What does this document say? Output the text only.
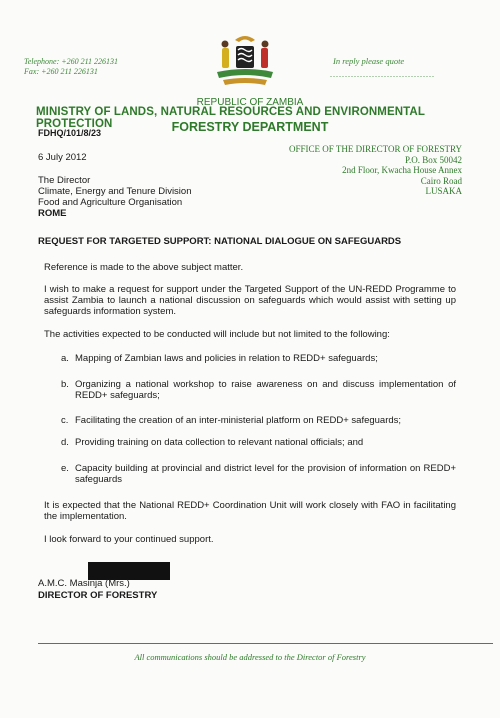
Telephone: +260 211 226131
Fax: +260 211 226131
In reply please quote
...................................
REPUBLIC OF ZAMBIA
MINISTRY OF LANDS, NATURAL RESOURCES AND ENVIRONMENTAL PROTECTION	FORESTRY DEPARTMENT
FDHQ/101/8/23
OFFICE OF THE DIRECTOR OF FORESTRY
P.O. Box 50042
2nd Floor, Kwacha House Annex
Cairo Road
LUSAKA
6 July 2012
The Director
Climate, Energy and Tenure Division
Food and Agriculture Organisation
ROME
REQUEST FOR TARGETED SUPPORT: NATIONAL DIALOGUE ON SAFEGUARDS
Reference is made to the above subject matter.
I wish to make a request for support under the Targeted Support of the UN-REDD Programme to assist Zambia to launch a national discussion on safeguards which would assist with setting up safeguards information system.
The activities expected to be conducted will include but not limited to the following:
a. Mapping of Zambian laws and policies in relation to REDD+ safeguards;
b. Organizing a national workshop to raise awareness on and discuss implementation of REDD+ safeguards;
c. Facilitating the creation of an inter-ministerial platform on REDD+ safeguards;
d. Providing training on data collection to relevant national officials; and
e. Capacity building at provincial and district level for the provision of information on REDD+ safeguards
It is expected that the National REDD+ Coordination Unit will work closely with FAO in facilitating the implementation.
I look forward to your continued support.
A.M.C. Masinja (Mrs.)
DIRECTOR OF FORESTRY
All communications should be addressed to the Director of Forestry
